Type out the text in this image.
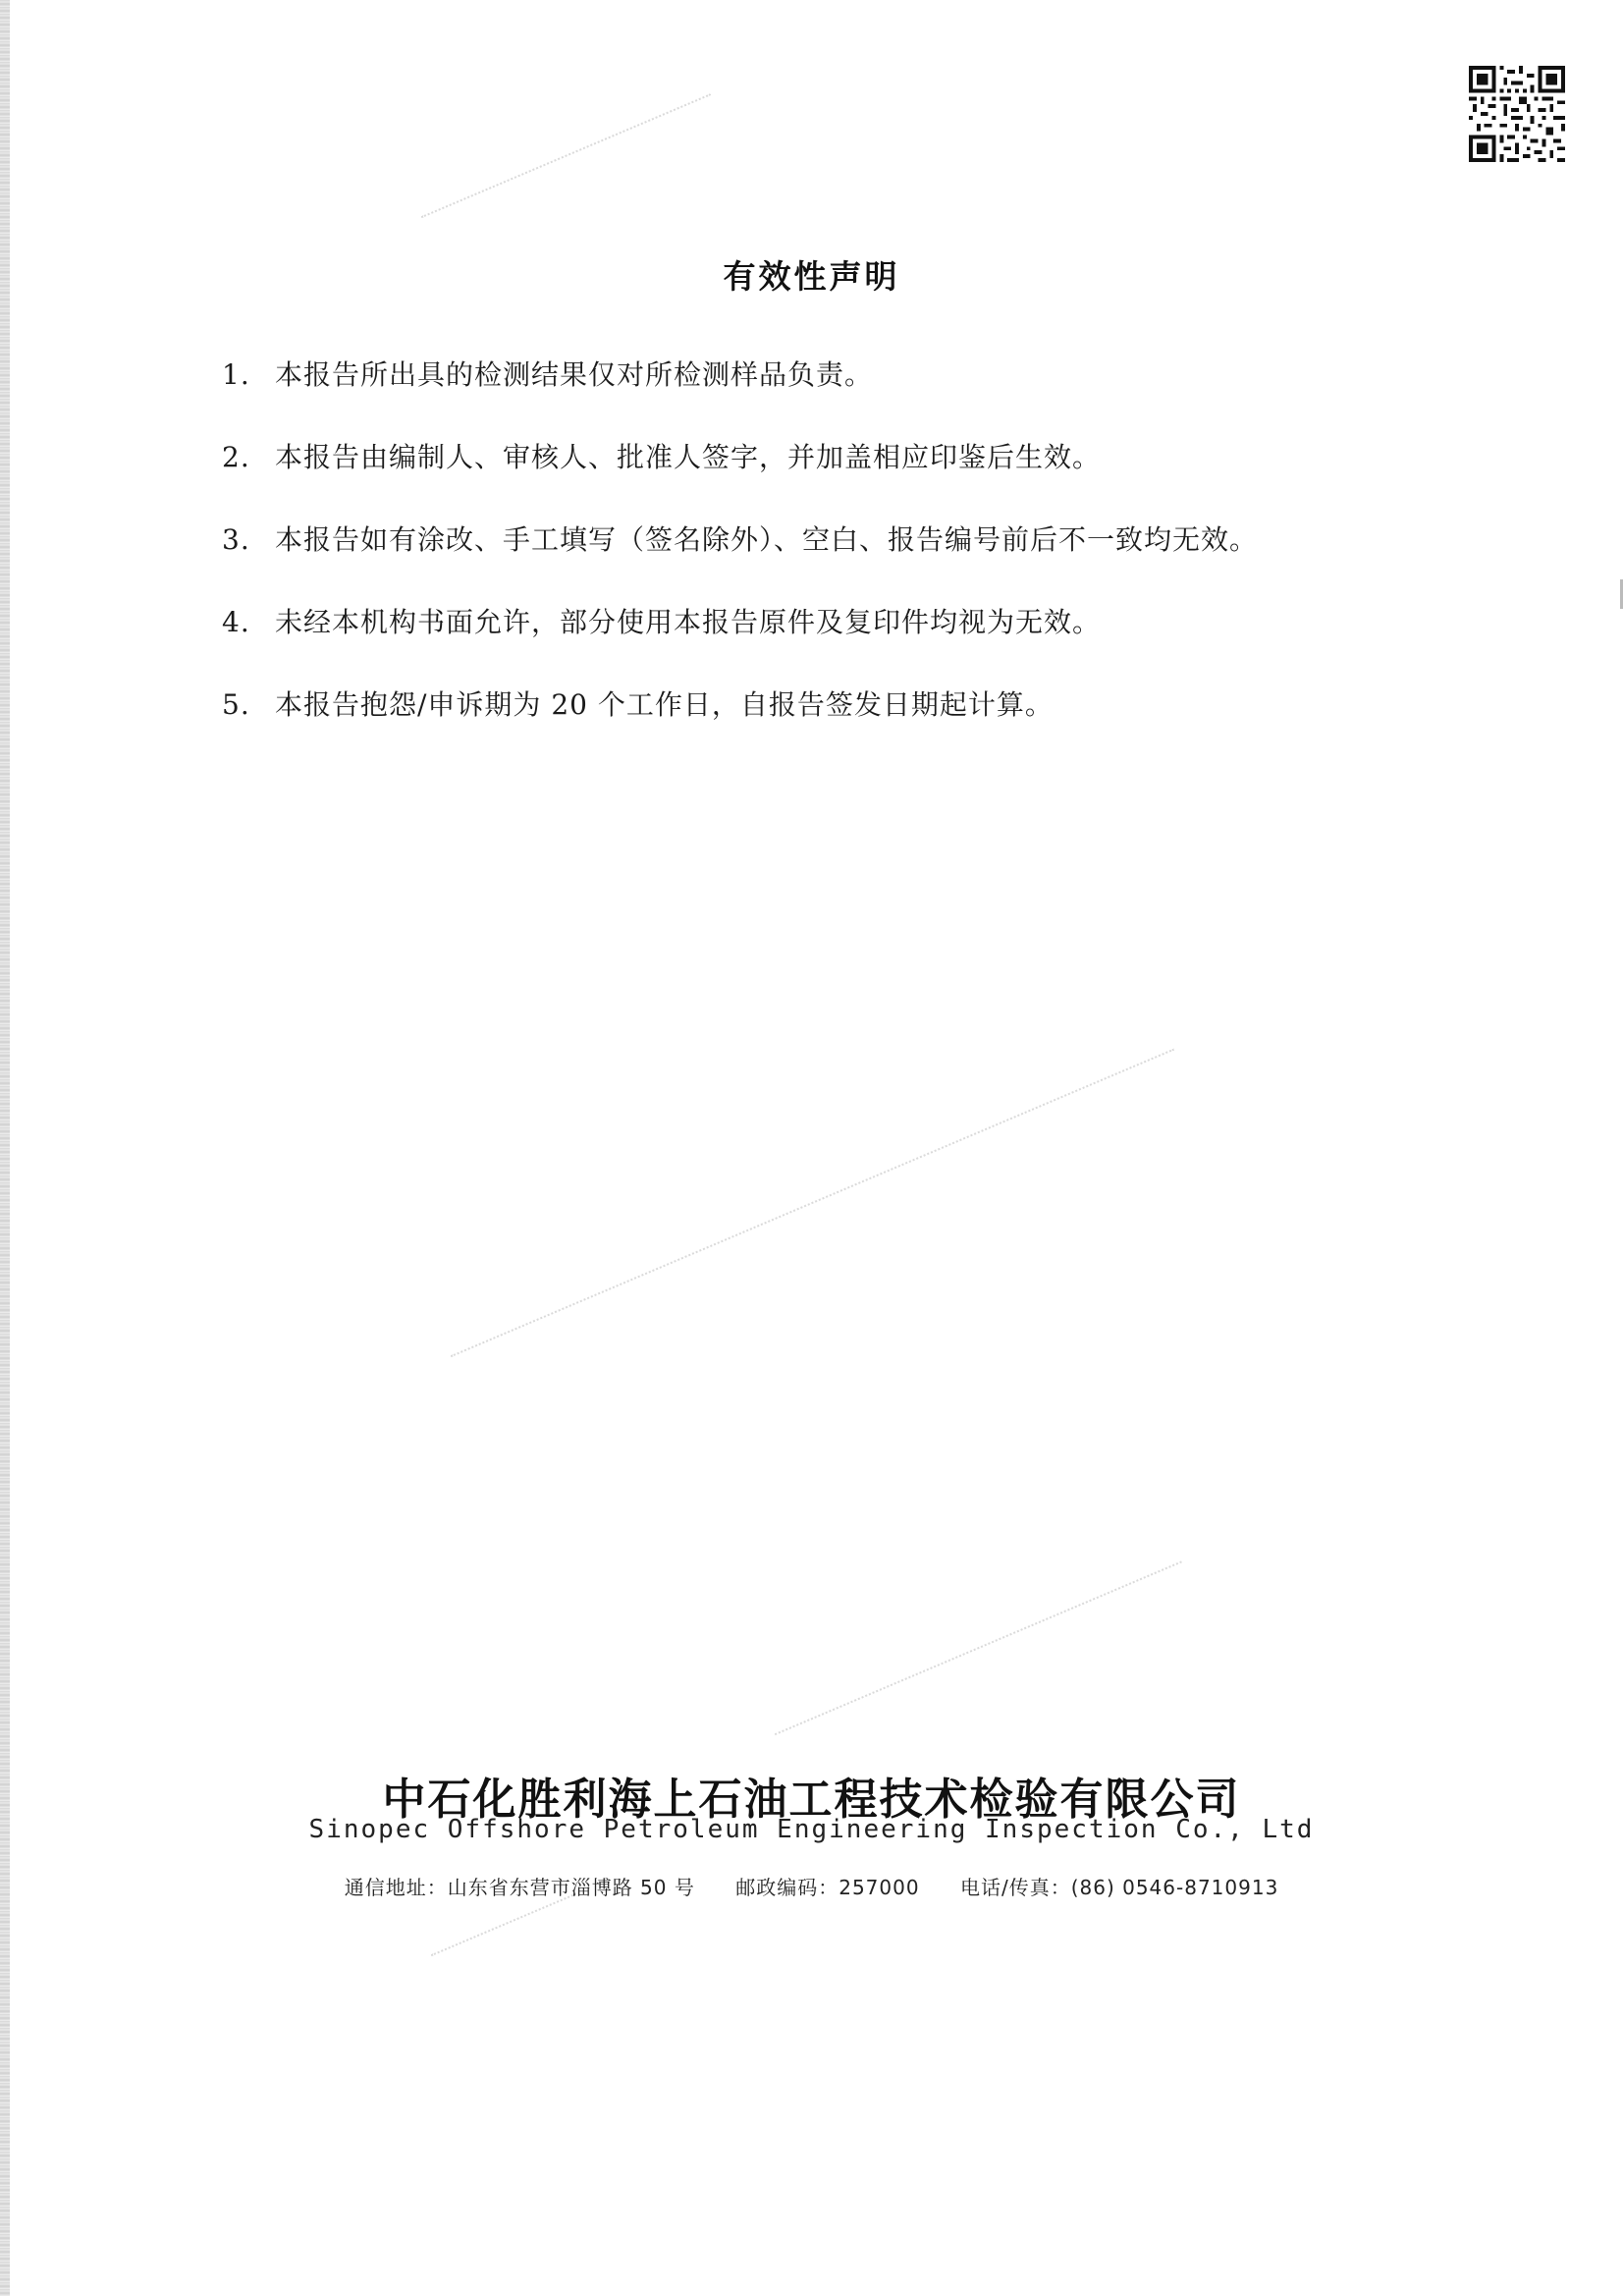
有效性声明
1. 本报告所出具的检测结果仅对所检测样品负责。
2. 本报告由编制人、审核人、批准人签字，并加盖相应印鉴后生效。
3. 本报告如有涂改、手工填写（签名除外）、空白、报告编号前后不一致均无效。
4. 未经本机构书面允许，部分使用本报告原件及复印件均视为无效。
5. 本报告抱怨/申诉期为 20 个工作日，自报告签发日期起计算。
中石化胜利海上石油工程技术检验有限公司
Sinopec Offshore Petroleum Engineering Inspection Co., Ltd
通信地址：山东省东营市淄博路 50 号 邮政编码：257000 电话/传真：(86) 0546-8710913
